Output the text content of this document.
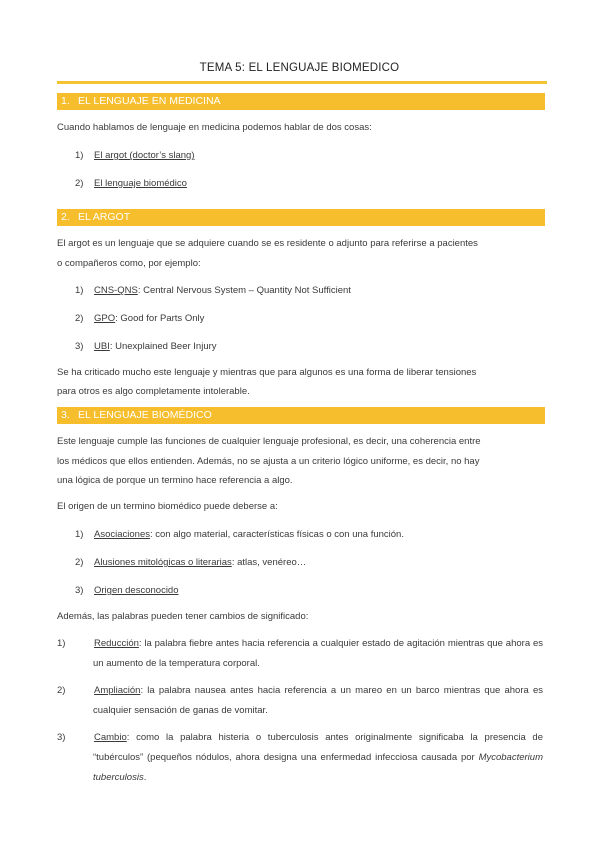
TEMA 5: EL LENGUAJE BIOMEDICO
1. EL LENGUAJE EN MEDICINA
Cuando hablamos de lenguaje en medicina podemos hablar de dos cosas:
1) El argot (doctor’s slang)
2) El lenguaje biomédico
2. EL ARGOT
El argot es un lenguaje que se adquiere cuando se es residente o adjunto para referirse a pacientes
o compañeros como, por ejemplo:
1) CNS-QNS: Central Nervous System – Quantity Not Sufficient
2) GPO: Good for Parts Only
3) UBI: Unexplained Beer Injury
Se ha criticado mucho este lenguaje y mientras que para algunos es una forma de liberar tensiones
para otros es algo completamente intolerable.
3. EL LENGUAJE BIOMÉDICO
Este lenguaje cumple las funciones de cualquier lenguaje profesional, es decir, una coherencia entre
los médicos que ellos entienden. Además, no se ajusta a un criterio lógico uniforme, es decir, no hay
una lógica de porque un termino hace referencia a algo.
El origen de un termino biomédico puede deberse a:
1) Asociaciones: con algo material, características físicas o con una función.
2) Alusiones mitológicas o literarias: atlas, venéreo…
3) Origen desconocido
Además, las palabras pueden tener cambios de significado:
1)	Reducción: la palabra fiebre antes hacia referencia a cualquier estado de agitación mientras que ahora es un aumento de la temperatura corporal.
2)	Ampliación: la palabra nausea antes hacia referencia a un mareo en un barco mientras que ahora es cualquier sensación de ganas de vomitar.
3)	Cambio: como la palabra histeria o tuberculosis antes originalmente significaba la presencia de “tubérculos” (pequeños nódulos, ahora designa una enfermedad infecciosa causada por Mycobacterium tuberculosis.
